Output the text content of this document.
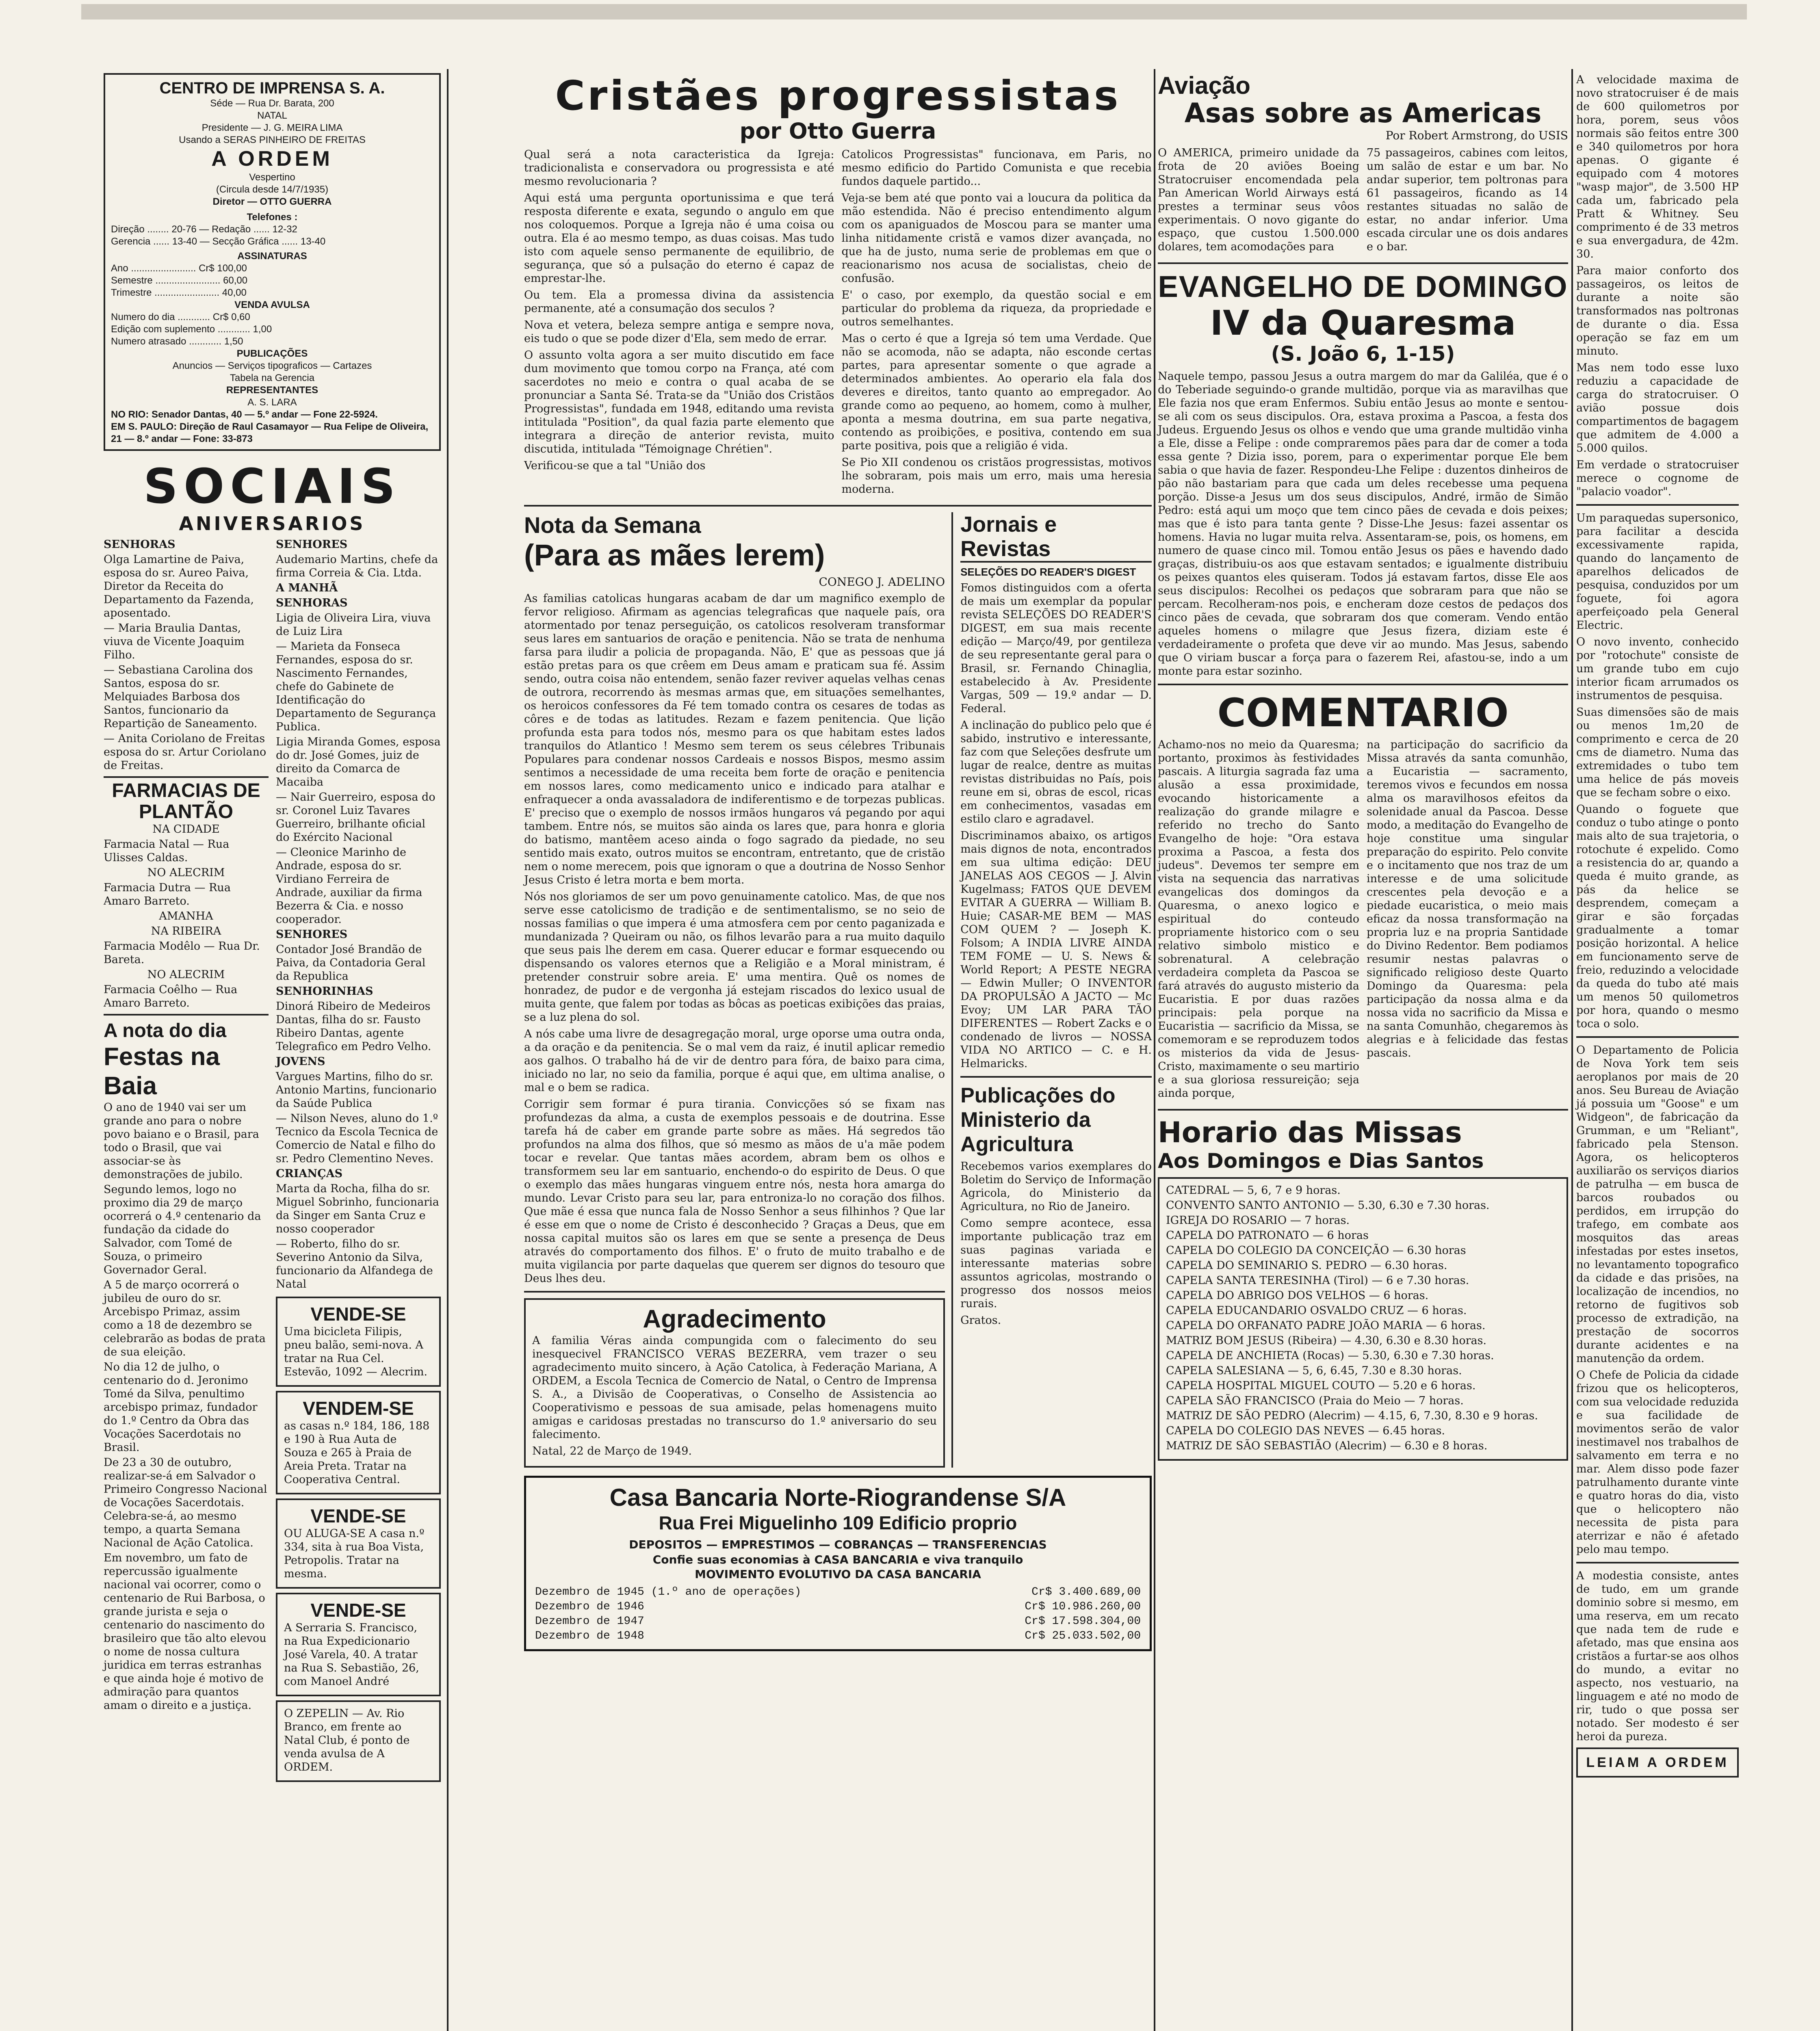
CENTRO DE IMPRENSA S. A.
Séde — Rua Dr. Barata, 200
NATAL
Presidente — J. G. MEIRA LIMA
Usando a SERAS PINHEIRO DE FREITAS
A ORDEM
Vespertino
(Circula desde 14/7/1935)
Diretor — OTTO GUERRA
Telefones :
Direção ........ 20-76 — Redação ...... 12-32
Gerencia ...... 13-40 — Secção Gráfica ...... 13-40
ASSINATURAS
Ano ........................ Cr$ 100,00
Semestre ........................ 60,00
Trimestre ........................ 40,00
VENDA AVULSA
Numero do dia ............ Cr$ 0,60
Edição com suplemento ............ 1,00
Numero atrasado ............ 1,50
PUBLICAÇÕES
Anuncios — Serviços tipograficos — Cartazes
Tabela na Gerencia
REPRESENTANTES
A. S. LARA
NO RIO: Senador Dantas, 40 — 5.º andar — Fone 22-5924.
EM S. PAULO: Direção de Raul Casamayor — Rua Felipe de Oliveira, 21 — 8.º andar — Fone: 33-873
SOCIAIS
ANIVERSARIOS

SENHORAS

Olga Lamartine de Paiva, esposa do sr. Aureo Paiva, Diretor da Receita do Departamento da Fazenda, aposentado.

— Maria Braulia Dantas, viuva de Vicente Joaquim Filho.

— Sebastiana Carolina dos Santos, esposa do sr. Melquiades Barbosa dos Santos, funcionario da Repartição de Saneamento.

— Anita Coriolano de Freitas esposa do sr. Artur Coriolano de Freitas.

FARMACIAS DE PLANTÃO

NA CIDADE

Farmacia Natal — Rua Ulisses Caldas.

NO ALECRIM

Farmacia Dutra — Rua Amaro Barreto.

AMANHA

NA RIBEIRA

Farmacia Modêlo — Rua Dr. Bareta.

NO ALECRIM

Farmacia Coêlho — Rua Amaro Barreto.

A nota do dia
Festas na Baia

O ano de 1940 vai ser um grande ano para o nobre povo baiano e o Brasil, para todo o Brasil, que vai associar-se às demonstrações de jubilo.

Segundo lemos, logo no proximo dia 29 de março ocorrerá o 4.º centenario da fundação da cidade do Salvador, com Tomé de Souza, o primeiro Governador Geral.

A 5 de março ocorrerá o jubileu de ouro do sr. Arcebispo Primaz, assim como a 18 de dezembro se celebrarão as bodas de prata de sua eleição.

No dia 12 de julho, o centenario do d. Jeronimo Tomé da Silva, penultimo arcebispo primaz, fundador do 1.º Centro da Obra das Vocações Sacerdotais no Brasil.

De 23 a 30 de outubro, realizar-se-á em Salvador o Primeiro Congresso Nacional de Vocações Sacerdotais. Celebra-se-á, ao mesmo tempo, a quarta Semana Nacional de Ação Catolica.

Em novembro, um fato de repercussão igualmente nacional vai ocorrer, como o centenario de Rui Barbosa, o grande jurista e seja o centenario do nascimento do brasileiro que tão alto elevou o nome de nossa cultura juridica em terras estranhas e que ainda hoje é motivo de admiração para quantos amam o direito e a justiça.

SENHORES

Audemario Martins, chefe da firma Correia & Cia. Ltda.

A MANHÃ

SENHORAS

Ligia de Oliveira Lira, viuva de Luiz Lira

— Marieta da Fonseca Fernandes, esposa do sr. Nascimento Fernandes, chefe do Gabinete de Identificação do Departamento de Segurança Publica.

Ligia Miranda Gomes, esposa do dr. José Gomes, juiz de direito da Comarca de Macaiba

— Nair Guerreiro, esposa do sr. Coronel Luiz Tavares Guerreiro, brilhante oficial do Exército Nacional

— Cleonice Marinho de Andrade, esposa do sr. Virdiano Ferreira de Andrade, auxiliar da firma Bezerra & Cia. e nosso cooperador.

SENHORES

Contador José Brandão de Paiva, da Contadoria Geral da Republica

SENHORINHAS

Dinorá Ribeiro de Medeiros Dantas, filha do sr. Fausto Ribeiro Dantas, agente Telegrafico em Pedro Velho.

JOVENS

Vargues Martins, filho do sr. Antonio Martins, funcionario da Saúde Publica

— Nilson Neves, aluno do 1.º Tecnico da Escola Tecnica de Comercio de Natal e filho do sr. Pedro Clementino Neves.

CRIANÇAS

Marta da Rocha, filha do sr. Miguel Sobrinho, funcionaria da Singer em Santa Cruz e nosso cooperador

— Roberto, filho do sr. Severino Antonio da Silva, funcionario da Alfandega de Natal

VENDE-SE

Uma bicicleta Filipis, pneu balão, semi-nova. A tratar na Rua Cel. Estevão, 1092 — Alecrim.

VENDEM-SE

as casas n.º 184, 186, 188 e 190 à Rua Auta de Souza e 265 à Praia de Areia Preta. Tratar na Cooperativa Central.

VENDE-SE

OU ALUGA-SE A casa n.º 334, sita à rua Boa Vista, Petropolis. Tratar na mesma.

VENDE-SE

A Serraria S. Francisco, na Rua Expedicionario José Varela, 40. A tratar na Rua S. Sebastião, 26, com Manoel André

O ZEPELIN — Av. Rio Branco, em frente ao Natal Club, é ponto de venda avulsa de A ORDEM.

Cristães progressistas
por Otto Guerra

Qual será a nota caracteristica da Igreja: tradicionalista e conservadora ou progressista e até mesmo revolucionaria ?

Aqui está uma pergunta oportunissima e que terá resposta diferente e exata, segundo o angulo em que nos coloquemos. Porque a Igreja não é uma coisa ou outra. Ela é ao mesmo tempo, as duas coisas. Mas tudo isto com aquele senso permanente de equilibrio, de segurança, que só a pulsação do eterno é capaz de emprestar-lhe.

Ou tem. Ela a promessa divina da assistencia permanente, até a consumação dos seculos ?

Nova et vetera, beleza sempre antiga e sempre nova, eis tudo o que se pode dizer d'Ela, sem medo de errar.

O assunto volta agora a ser muito discutido em face dum movimento que tomou corpo na França, até com sacerdotes no meio e contra o qual acaba de se pronunciar a Santa Sé. Trata-se da "União dos Cristãos Progressistas", fundada em 1948, editando uma revista intitulada "Position", da qual fazia parte elemento que integrara a direção de anterior revista, muito discutida, intitulada "Témoignage Chrétien".

Verificou-se que a tal "União dos

Catolicos Progressistas" funcionava, em Paris, no mesmo edificio do Partido Comunista e que recebia fundos daquele partido...

Veja-se bem até que ponto vai a loucura da politica da mão estendida. Não é preciso entendimento algum com os apaniguados de Moscou para se manter uma linha nitidamente cristã e vamos dizer avançada, no que ha de justo, numa serie de problemas em que o reacionarismo nos acusa de socialistas, cheio de confusão.

E' o caso, por exemplo, da questão social e em particular do problema da riqueza, da propriedade e outros semelhantes.

Mas o certo é que a Igreja só tem uma Verdade. Que não se acomoda, não se adapta, não esconde certas partes, para apresentar somente o que agrade a determinados ambientes. Ao operario ela fala dos deveres e direitos, tanto quanto ao empregador. Ao grande como ao pequeno, ao homem, como à mulher, aponta a mesma doutrina, em sua parte negativa, contendo as proibições, e positiva, contendo em sua parte positiva, pois que a religião é vida.

Se Pio XII condenou os cristãos progressistas, motivos lhe sobraram, pois mais um erro, mais uma heresia moderna.

Nota da Semana
(Para as mães lerem)
CONEGO J. ADELINO

As familias catolicas hungaras acabam de dar um magnifico exemplo de fervor religioso. Afirmam as agencias telegraficas que naquele país, ora atormentado por tenaz perseguição, os catolicos resolveram transformar seus lares em santuarios de oração e penitencia. Não se trata de nenhuma farsa para iludir a policia de propaganda. Não, E' que as pessoas que já estão pretas para os que crêem em Deus amam e praticam sua fé. Assim sendo, outra coisa não entendem, senão fazer reviver aquelas velhas cenas de outrora, recorrendo às mesmas armas que, em situações semelhantes, os heroicos confessores da Fé tem tomado contra os cesares de todas as côres e de todas as latitudes. Rezam e fazem penitencia. Que lição profunda esta para todos nós, mesmo para os que habitam estes lados tranquilos do Atlantico ! Mesmo sem terem os seus célebres Tribunais Populares para condenar nossos Cardeais e nossos Bispos, mesmo assim sentimos a necessidade de uma receita bem forte de oração e penitencia em nossos lares, como medicamento unico e indicado para atalhar e enfraquecer a onda avassaladora de indiferentismo e de torpezas publicas. E' preciso que o exemplo de nossos irmãos hungaros vá pegando por aqui tambem. Entre nós, se muitos são ainda os lares que, para honra e gloria do batismo, mantêem aceso ainda o fogo sagrado da piedade, no seu sentido mais exato, outros muitos se encontram, entretanto, que de cristão nem o nome merecem, pois que ignoram o que a doutrina de Nosso Senhor Jesus Cristo é letra morta e bem morta.

Nós nos gloriamos de ser um povo genuinamente catolico. Mas, de que nos serve esse catolicismo de tradição e de sentimentalismo, se no seio de nossas familias o que impera é uma atmosfera cem por cento paganizada e mundanizada ? Queiram ou não, os filhos levarão para a rua muito daquilo que seus pais lhe derem em casa. Querer educar e formar esquecendo ou dispensando os valores eternos que a Religião e a Moral ministram, é pretender construir sobre areia. E' uma mentira. Quê os nomes de honradez, de pudor e de vergonha já estejam riscados do lexico usual de muita gente, que falem por todas as bôcas as poeticas exibições das praias, se a luz plena do sol.

A nós cabe uma livre de desagregação moral, urge oporse uma outra onda, a da oração e da penitencia. Se o mal vem da raiz, é inutil aplicar remedio aos galhos. O trabalho há de vir de dentro para fóra, de baixo para cima, iniciado no lar, no seio da familia, porque é aqui que, em ultima analise, o mal e o bem se radica.

Corrigir sem formar é pura tirania. Convicções só se fixam nas profundezas da alma, a custa de exemplos pessoais e de doutrina. Esse tarefa há de caber em grande parte sobre as mães. Há segredos tão profundos na alma dos filhos, que só mesmo as mãos de u'a mãe podem tocar e revelar. Que tantas mães acordem, abram bem os olhos e transformem seu lar em santuario, enchendo-o do espirito de Deus. O que o exemplo das mães hungaras vinguem entre nós, nesta hora amarga do mundo. Levar Cristo para seu lar, para entroniza-lo no coração dos filhos. Que mãe é essa que nunca fala de Nosso Senhor a seus filhinhos ? Que lar é esse em que o nome de Cristo é desconhecido ? Graças a Deus, que em nossa capital muitos são os lares em que se sente a presença de Deus através do comportamento dos filhos. E' o fruto de muito trabalho e de muita vigilancia por parte daquelas que querem ser dignos do tesouro que Deus lhes deu.

Agradecimento

A familia Véras ainda compungida com o falecimento do seu inesquecivel FRANCISCO VERAS BEZERRA, vem trazer o seu agradecimento muito sincero, à Ação Catolica, à Federação Mariana, A ORDEM, a Escola Tecnica de Comercio de Natal, o Centro de Imprensa S. A., a Divisão de Cooperativas, o Conselho de Assistencia ao Cooperativismo e pessoas de sua amisade, pelas homenagens muito amigas e caridosas prestadas no transcurso do 1.º aniversario do seu falecimento.

Natal, 22 de Março de 1949.

Jornais e Revistas
SELEÇÕES DO READER'S DIGEST

Fomos distinguidos com a oferta de mais um exemplar da popular revista SELEÇÕES DO READER'S DIGEST, em sua mais recente edição — Março/49, por gentileza de seu representante geral para o Brasil, sr. Fernando Chinaglia, estabelecido à Av. Presidente Vargas, 509 — 19.º andar — D. Federal.

A inclinação do publico pelo que é sabido, instrutivo e interessante, faz com que Seleções desfrute um lugar de realce, dentre as muitas revistas distribuidas no País, pois reune em si, obras de escol, ricas em conhecimentos, vasadas em estilo claro e agradavel.

Discriminamos abaixo, os artigos mais dignos de nota, encontrados em sua ultima edição: DEU JANELAS AOS CEGOS — J. Alvin Kugelmass; FATOS QUE DEVEM EVITAR A GUERRA — William B. Huie; CASAR-ME BEM — MAS COM QUEM ? — Joseph K. Folsom; A INDIA LIVRE AINDA TEM FOME — U. S. News & World Report; A PESTE NEGRA — Edwin Muller; O INVENTOR DA PROPULSÃO A JACTO — Mc Evoy; UM LAR PARA TÃO DIFERENTES — Robert Zacks e o condenado de livros — NOSSA VIDA NO ARTICO — C. e H. Helmaricks.

Publicações do Ministerio da Agricultura

Recebemos varios exemplares do Boletim do Serviço de Informação Agricola, do Ministerio da Agricultura, no Rio de Janeiro.

Como sempre acontece, essa importante publicação traz em suas paginas variada e interessante materias sobre assuntos agricolas, mostrando o progresso dos nossos meios rurais.

Gratos.

Casa Bancaria Norte-Riograndense S/A
Rua Frei Miguelinho 109 Edificio proprio
DEPOSITOS — EMPRESTIMOS — COBRANÇAS — TRANSFERENCIAS
Confie suas economias à CASA BANCARIA e viva tranquilo
MOVIMENTO EVOLUTIVO DA CASA BANCARIA
Dezembro de 1945 (1.º ano de operações)	Cr$ 3.400.689,00
Dezembro de 1946	Cr$ 10.986.260,00
Dezembro de 1947	Cr$ 17.598.304,00
Dezembro de 1948	Cr$ 25.033.502,00
Aviação
Asas sobre as Americas
Por Robert Armstrong, do USIS

O AMERICA, primeiro unidade da frota de 20 aviões Boeing Stratocruiser encomendada pela Pan American World Airways está prestes a terminar seus vôos experimentais. O novo gigante do espaço, que custou 1.500.000 dolares, tem acomodações para

75 passageiros, cabines com leitos, um salão de estar e um bar. No andar superior, tem poltronas para 61 passageiros, ficando as 14 restantes situadas no salão de estar, no andar inferior. Uma escada circular une os dois andares e o bar.

EVANGELHO DE DOMINGO
IV da Quaresma
(S. João 6, 1-15)

Naquele tempo, passou Jesus a outra margem do mar da Galiléa, que é o do Teberiade seguindo-o grande multidão, porque via as maravilhas que Ele fazia nos que eram Enfermos. Subiu então Jesus ao monte e sentou-se ali com os seus discipulos. Ora, estava proxima a Pascoa, a festa dos Judeus. Erguendo Jesus os olhos e vendo que uma grande multidão vinha a Ele, disse a Felipe : onde compraremos pães para dar de comer a toda essa gente ? Dizia isso, porem, para o experimentar porque Ele bem sabia o que havia de fazer. Respondeu-Lhe Felipe : duzentos dinheiros de pão não bastariam para que cada um deles recebesse uma pequena porção. Disse-a Jesus um dos seus discipulos, André, irmão de Simão Pedro: está aqui um moço que tem cinco pães de cevada e dois peixes; mas que é isto para tanta gente ? Disse-Lhe Jesus: fazei assentar os homens. Havia no lugar muita relva. Assentaram-se, pois, os homens, em numero de quase cinco mil. Tomou então Jesus os pães e havendo dado graças, distribuiu-os aos que estavam sentados; e igualmente distribuiu os peixes quantos eles quiseram. Todos já estavam fartos, disse Ele aos seus discipulos: Recolhei os pedaços que sobraram para que não se percam. Recolheram-nos pois, e encheram doze cestos de pedaços dos cinco pães de cevada, que sobraram dos que comeram. Vendo então aqueles homens o milagre que Jesus fizera, diziam este é verdadeiramente o profeta que deve vir ao mundo. Mas Jesus, sabendo que O viriam buscar a força para o fazerem Rei, afastou-se, indo a um monte para estar sozinho.

COMENTARIO

Achamo-nos no meio da Quaresma; portanto, proximos às festividades pascais. A liturgia sagrada faz uma alusão a essa proximidade, evocando historicamente a realização do grande milagre e referido no trecho do Santo Evangelho de hoje: "Ora estava proxima a Pascoa, a festa dos judeus". Devemos ter sempre em vista na sequencia das narrativas evangelicas dos domingos da Quaresma, o anexo logico e espiritual do conteudo propriamente historico com o seu relativo simbolo mistico e sobrenatural. A celebração verdadeira completa da Pascoa se fará através do augusto misterio da Eucaristia. E por duas razões principais: pela porque na Eucaristia — sacrificio da Missa, se comemoram e se reproduzem todos os misterios da vida de Jesus-Cristo, maximamente o seu martirio e a sua gloriosa ressureição; seja ainda porque,

na participação do sacrificio da Missa através da santa comunhão, a Eucaristia — sacramento, teremos vivos e fecundos em nossa alma os maravilhosos efeitos da solenidade anual da Pascoa. Desse modo, a meditação do Evangelho de hoje constitue uma singular preparação do espirito. Pelo convite e o incitamento que nos traz de um interesse e de uma solicitude crescentes pela devoção e a piedade eucaristica, o meio mais eficaz da nossa transformação na propria luz e na propria Santidade do Divino Redentor. Bem podiamos resumir nestas palavras o significado religioso deste Quarto Domingo da Quaresma: pela participação da nossa alma e da nossa vida no sacrificio da Missa e na santa Comunhão, chegaremos às alegrias e à felicidade das festas pascais.

Horario das Missas
Aos Domingos e Dias Santos

CATEDRAL — 5, 6, 7 e 9 horas.

CONVENTO SANTO ANTONIO — 5.30, 6.30 e 7.30 horas.

IGREJA DO ROSARIO — 7 horas.

CAPELA DO PATRONATO — 6 horas

CAPELA DO COLEGIO DA CONCEIÇÃO — 6.30 horas

CAPELA DO SEMINARIO S. PEDRO — 6.30 horas.

CAPELA SANTA TERESINHA (Tirol) — 6 e 7.30 horas.

CAPELA DO ABRIGO DOS VELHOS — 6 horas.

CAPELA EDUCANDARIO OSVALDO CRUZ — 6 horas.

CAPELA DO ORFANATO PADRE JOÃO MARIA — 6 horas.

MATRIZ BOM JESUS (Ribeira) — 4.30, 6.30 e 8.30 horas.

CAPELA DE ANCHIETA (Rocas) — 5.30, 6.30 e 7.30 horas.

CAPELA SALESIANA — 5, 6, 6.45, 7.30 e 8.30 horas.

CAPELA HOSPITAL MIGUEL COUTO — 5.20 e 6 horas.

CAPELA SÃO FRANCISCO (Praia do Meio — 7 horas.

MATRIZ DE SÃO PEDRO (Alecrim) — 4.15, 6, 7.30, 8.30 e 9 horas.

CAPELA DO COLEGIO DAS NEVES — 6.45 horas.

MATRIZ DE SÃO SEBASTIÃO (Alecrim) — 6.30 e 8 horas.

A velocidade maxima de novo stratocruiser é de mais de 600 quilometros por hora, porem, seus vôos normais são feitos entre 300 e 340 quilometros por hora apenas. O gigante é equipado com 4 motores "wasp major", de 3.500 HP cada um, fabricado pela Pratt & Whitney. Seu comprimento é de 33 metros e sua envergadura, de 42m. 30.

Para maior conforto dos passageiros, os leitos de durante a noite são transformados nas poltronas de durante o dia. Essa operação se faz em um minuto.

Mas nem todo esse luxo reduziu a capacidade de carga do stratocruiser. O avião possue dois compartimentos de bagagem que admitem de 4.000 a 5.000 quilos.

Em verdade o stratocruiser merece o cognome de "palacio voador".

Um paraquedas supersonico, para facilitar a descida excessivamente rapida, quando do lançamento de aparelhos delicados de pesquisa, conduzidos por um foguete, foi agora aperfeiçoado pela General Electric.

O novo invento, conhecido por "rotochute" consiste de um grande tubo em cujo interior ficam arrumados os instrumentos de pesquisa.

Suas dimensões são de mais ou menos 1m,20 de comprimento e cerca de 20 cms de diametro. Numa das extremidades o tubo tem uma helice de pás moveis que se fecham sobre o eixo.

Quando o foguete que conduz o tubo atinge o ponto mais alto de sua trajetoria, o rotochute é expelido. Como a resistencia do ar, quando a queda é muito grande, as pás da helice se desprendem, começam a girar e são forçadas gradualmente a tomar posição horizontal. A helice em funcionamento serve de freio, reduzindo a velocidade da queda do tubo até mais um menos 50 quilometros por hora, quando o mesmo toca o solo.

O Departamento de Policia de Nova York tem seis aeroplanos por mais de 20 anos. Seu Bureau de Aviação já possuia um "Goose" e um Widgeon", de fabricação da Grumman, e um "Reliant", fabricado pela Stenson. Agora, os helicopteros auxiliarão os serviços diarios de patrulha — em busca de barcos roubados ou perdidos, em irrupção do trafego, em combate aos mosquitos das areas infestadas por estes insetos, no levantamento topografico da cidade e das prisões, na localização de incendios, no retorno de fugitivos sob processo de extradição, na prestação de socorros durante acidentes e na manutenção da ordem.

O Chefe de Policia da cidade frizou que os helicopteros, com sua velocidade reduzida e sua facilidade de movimentos serão de valor inestimavel nos trabalhos de salvamento em terra e no mar. Alem disso pode fazer patrulhamento durante vinte e quatro horas do dia, visto que o helicoptero não necessita de pista para aterrizar e não é afetado pelo mau tempo.

A modestia consiste, antes de tudo, em um grande dominio sobre si mesmo, em uma reserva, em um recato que nada tem de rude e afetado, mas que ensina aos cristãos a furtar-se aos olhos do mundo, a evitar no aspecto, nos vestuario, na linguagem e até no modo de rir, tudo o que possa ser notado. Ser modesto é ser heroi da pureza.

LEIAM A ORDEM
